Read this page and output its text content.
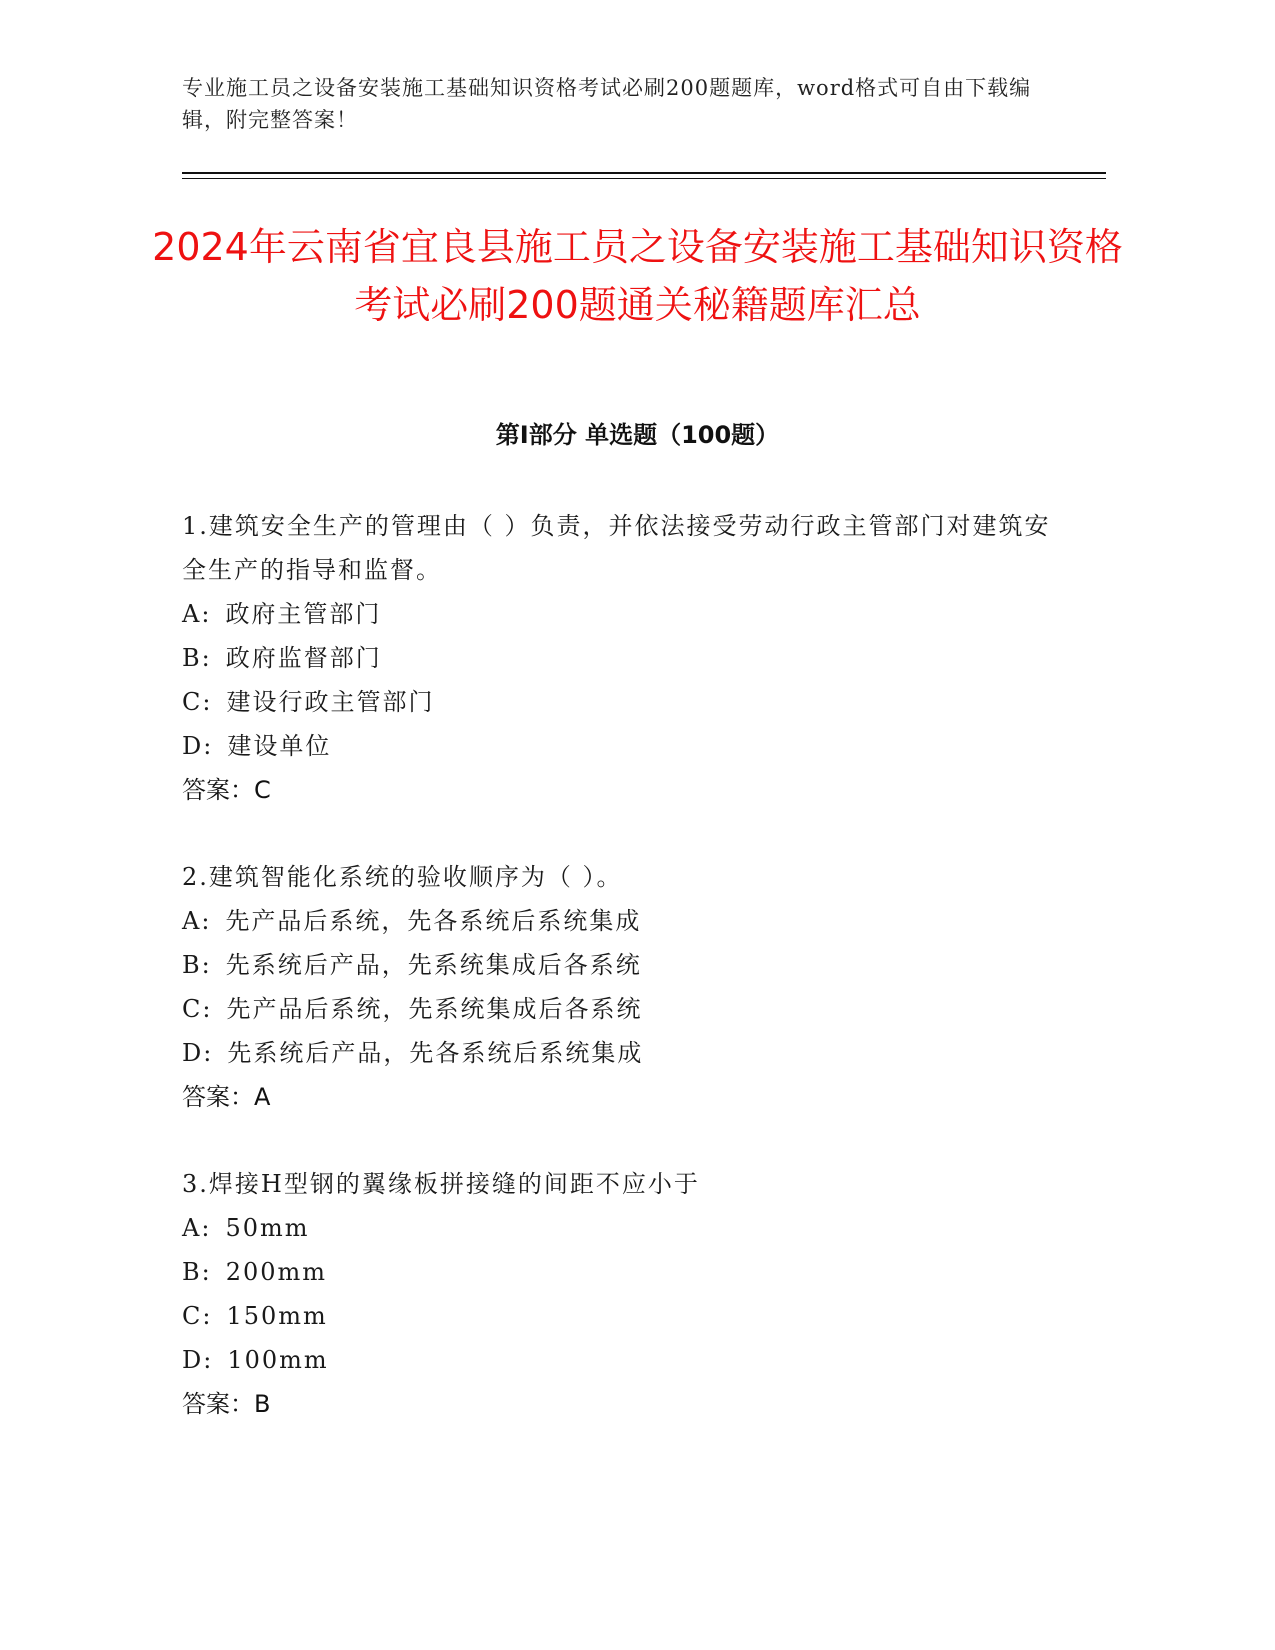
专业施工员之设备安装施工基础知识资格考试必刷200题题库，word格式可自由下载编辑，附完整答案！
2024年云南省宜良县施工员之设备安装施工基础知识资格考试必刷200题通关秘籍题库汇总
第I部分 单选题（100题）
1.建筑安全生产的管理由（ ）负责，并依法接受劳动行政主管部门对建筑安全生产的指导和监督。
A: 政府主管部门
B: 政府监督部门
C: 建设行政主管部门
D: 建设单位
答案：C
2.建筑智能化系统的验收顺序为（ ）。
A: 先产品后系统，先各系统后系统集成
B: 先系统后产品，先系统集成后各系统
C: 先产品后系统，先系统集成后各系统
D: 先系统后产品，先各系统后系统集成
答案：A
3.焊接H型钢的翼缘板拼接缝的间距不应小于
A: 50mm
B: 200mm
C: 150mm
D: 100mm
答案：B
